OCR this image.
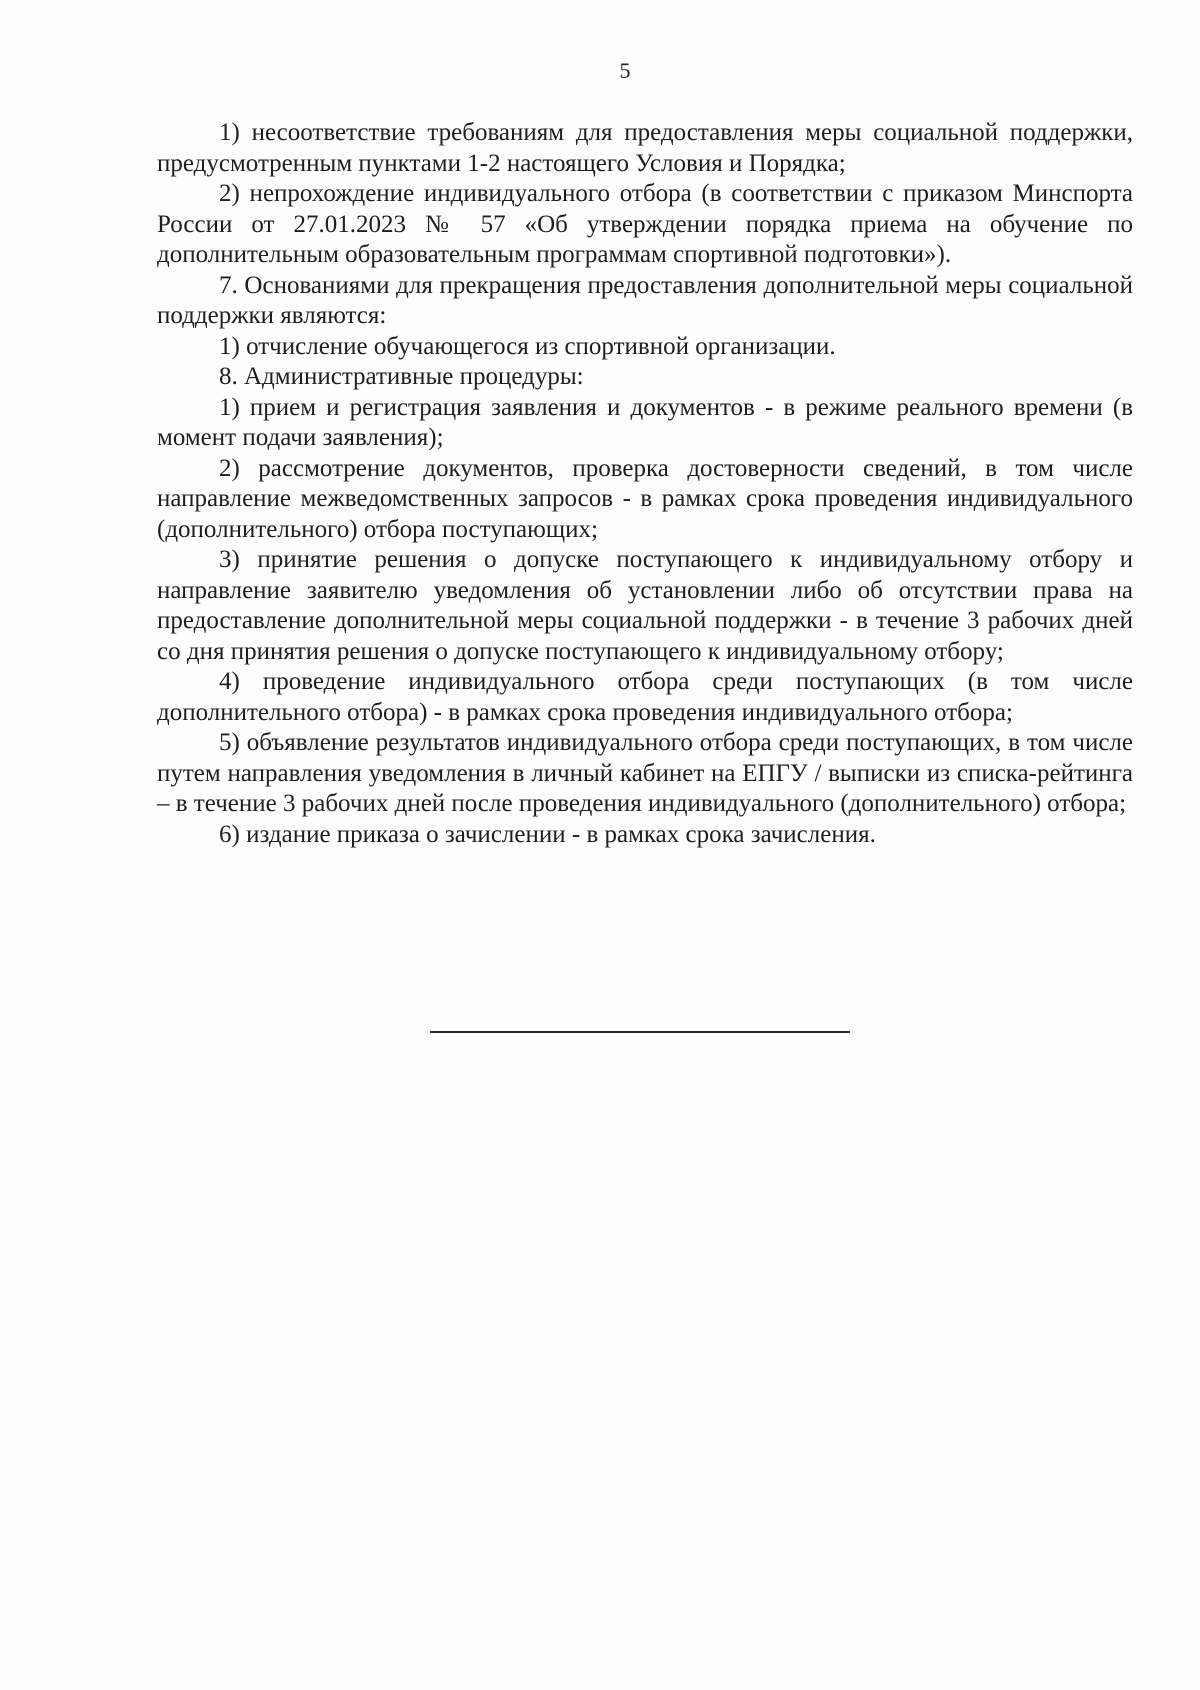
5

1) несоответствие требованиям для предоставления меры социальной поддержки, предусмотренным пунктами 1-2 настоящего Условия и Порядка;

2) непрохождение индивидуального отбора (в соответствии с приказом Минспорта России от 27.01.2023 № 57 «Об утверждении порядка приема на обучение по дополнительным образовательным программам спортивной подготовки»).

7. Основаниями для прекращения предоставления дополнительной меры социальной поддержки являются:

1) отчисление обучающегося из спортивной организации.

8. Административные процедуры:

1) прием и регистрация заявления и документов - в режиме реального времени (в момент подачи заявления);

2) рассмотрение документов, проверка достоверности сведений, в том числе направление межведомственных запросов - в рамках срока проведения индивидуального (дополнительного) отбора поступающих;

3) принятие решения о допуске поступающего к индивидуальному отбору и направление заявителю уведомления об установлении либо об отсутствии права на предоставление дополнительной меры социальной поддержки - в течение 3 рабочих дней со дня принятия решения о допуске поступающего к индивидуальному отбору;

4) проведение индивидуального отбора среди поступающих (в том числе дополнительного отбора) - в рамках срока проведения индивидуального отбора;

5) объявление результатов индивидуального отбора среди поступающих, в том числе путем направления уведомления в личный кабинет на ЕПГУ / выписки из списка-рейтинга – в течение 3 рабочих дней после проведения индивидуального (дополнительного) отбора;

6) издание приказа о зачислении - в рамках срока зачисления.
